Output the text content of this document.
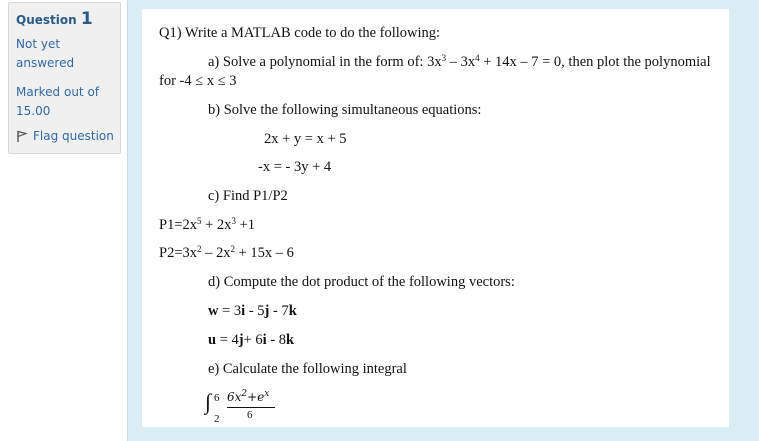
Question 1
Not yet
answered
Marked out of
15.00
Flag question
Q1) Write a MATLAB code to do the following:
a) Solve a polynomial in the form of: $3x^3 - 3x^4 + 14x - 7 = 0$, then plot the polynomial
for -4 ≤ x ≤ 3
b) Solve the following simultaneous equations:
2x + y = x + 5
-x = - 3y + 4
c) Find P1/P2
$P1=2x^5 + 2x^3 +1$
$P2=3x^2 - 2x^2 + 15x - 6$
d) Compute the dot product of the following vectors:
w = 3i - 5j - 7k
u = 4j+ 6i - 8k
e) Calculate the following integral
∫ 6
2
$6x^2+e^x$
6
